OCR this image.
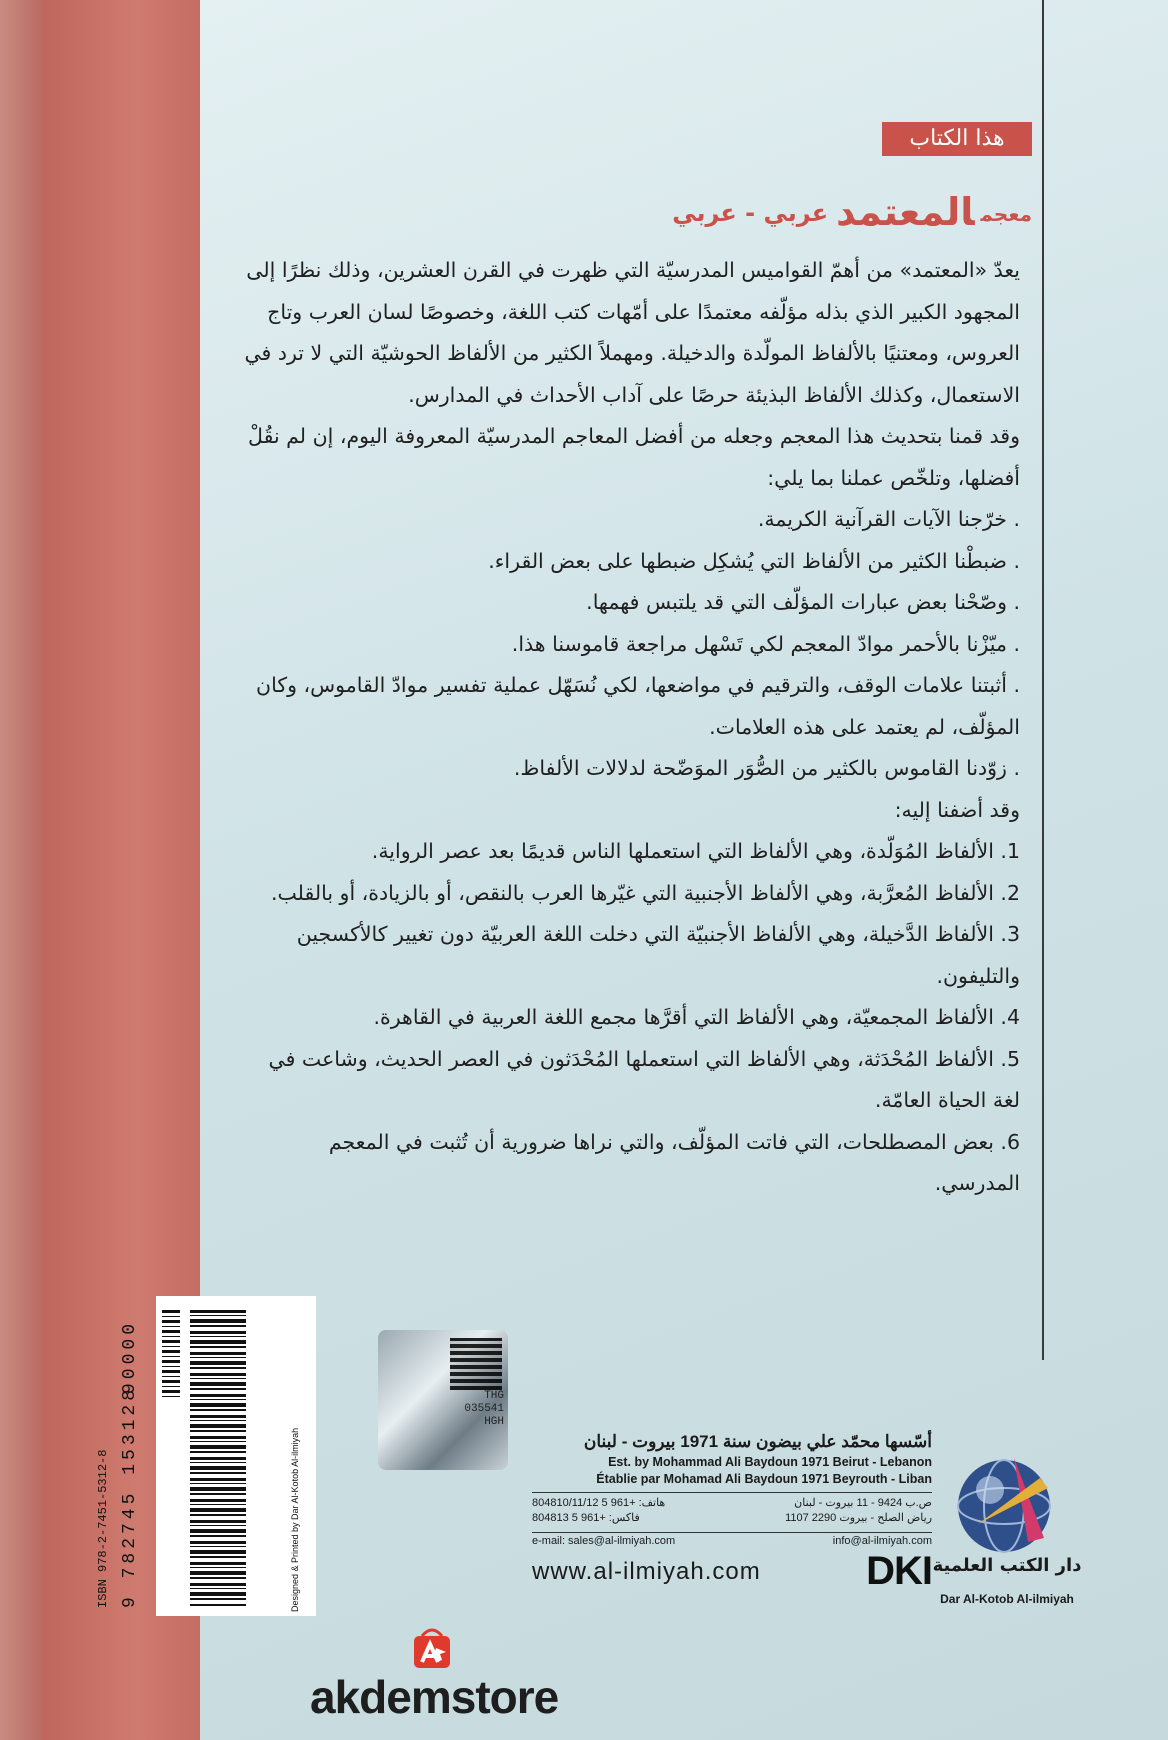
هذا الكتاب
معجمالمعتمدعربي - عربي

يعدّ «المعتمد» من أهمّ القواميس المدرسيّة التي ظهرت في القرن العشرين، وذلك نظرًا إلى المجهود الكبير الذي بذله مؤلّفه معتمدًا على أمّهات كتب اللغة، وخصوصًا لسان العرب وتاج العروس، ومعتنيًا بالألفاظ المولّدة والدخيلة. ومهملاً الكثير من الألفاظ الحوشيّة التي لا ترد في الاستعمال، وكذلك الألفاظ البذيئة حرصًا على آداب الأحداث في المدارس.

وقد قمنا بتحديث هذا المعجم وجعله من أفضل المعاجم المدرسيّة المعروفة اليوم، إن لم نقُلْ أفضلها، وتلخّص عملنا بما يلي:

. خرّجنا الآيات القرآنية الكريمة.

. ضبطْنا الكثير من الألفاظ التي يُشكِل ضبطها على بعض القراء.

. وصّحْنا بعض عبارات المؤلّف التي قد يلتبس فهمها.

. ميّزْنا بالأحمر موادّ المعجم لكي تَسْهل مراجعة قاموسنا هذا.

. أثبتنا علامات الوقف، والترقيم في مواضعها، لكي نُسَهّل عملية تفسير موادّ القاموس، وكان المؤلّف، لم يعتمد على هذه العلامات.

. زوّدنا القاموس بالكثير من الصُّوَر الموَضّحة لدلالات الألفاظ.

وقد أضفنا إليه:

1. الألفاظ المُوَلّدة، وهي الألفاظ التي استعملها الناس قديمًا بعد عصر الرواية.

2. الألفاظ المُعرَّبة، وهي الألفاظ الأجنبية التي غيّرها العرب بالنقص، أو بالزيادة، أو بالقلب.

3. الألفاظ الدَّخيلة، وهي الألفاظ الأجنبيّة التي دخلت اللغة العربيّة دون تغيير كالأكسجين والتليفون.

4. الألفاظ المجمعيّة، وهي الألفاظ التي أقرَّها مجمع اللغة العربية في القاهرة.

5. الألفاظ المُحْدَثة، وهي الألفاظ التي استعملها المُحْدَثون في العصر الحديث، وشاعت في لغة الحياة العامّة.

6. بعض المصطلحات، التي فاتت المؤلّف، والتي نراها ضرورية أن تُثبت في المعجم المدرسي.

ISBN 978-2-7451-5312-8 9 782745 153128
90000
Designed & Printed by Dar Al-Kotob Al-ilmiyah
THG
035541
HGH
أسّسها محمّد علي بيضون سنة 1971 بيروت - لبنان
Est. by Mohammad Ali Baydoun 1971 Beirut - Lebanon
Établie par Mohamad Ali Baydoun 1971 Beyrouth - Liban
هاتف: +961 5 804810/11/12
فاكس: +961 5 804813
ص.ب 9424 - 11 بيروت - لبنان
رياض الصلح - بيروت 2290 1107
e-mail: sales@al-ilmiyah.com	info@al-ilmiyah.com
www.al-ilmiyah.com	DKI دار الكتب العلمية
Dar Al-Kotob Al-ilmiyah
akdemstore
